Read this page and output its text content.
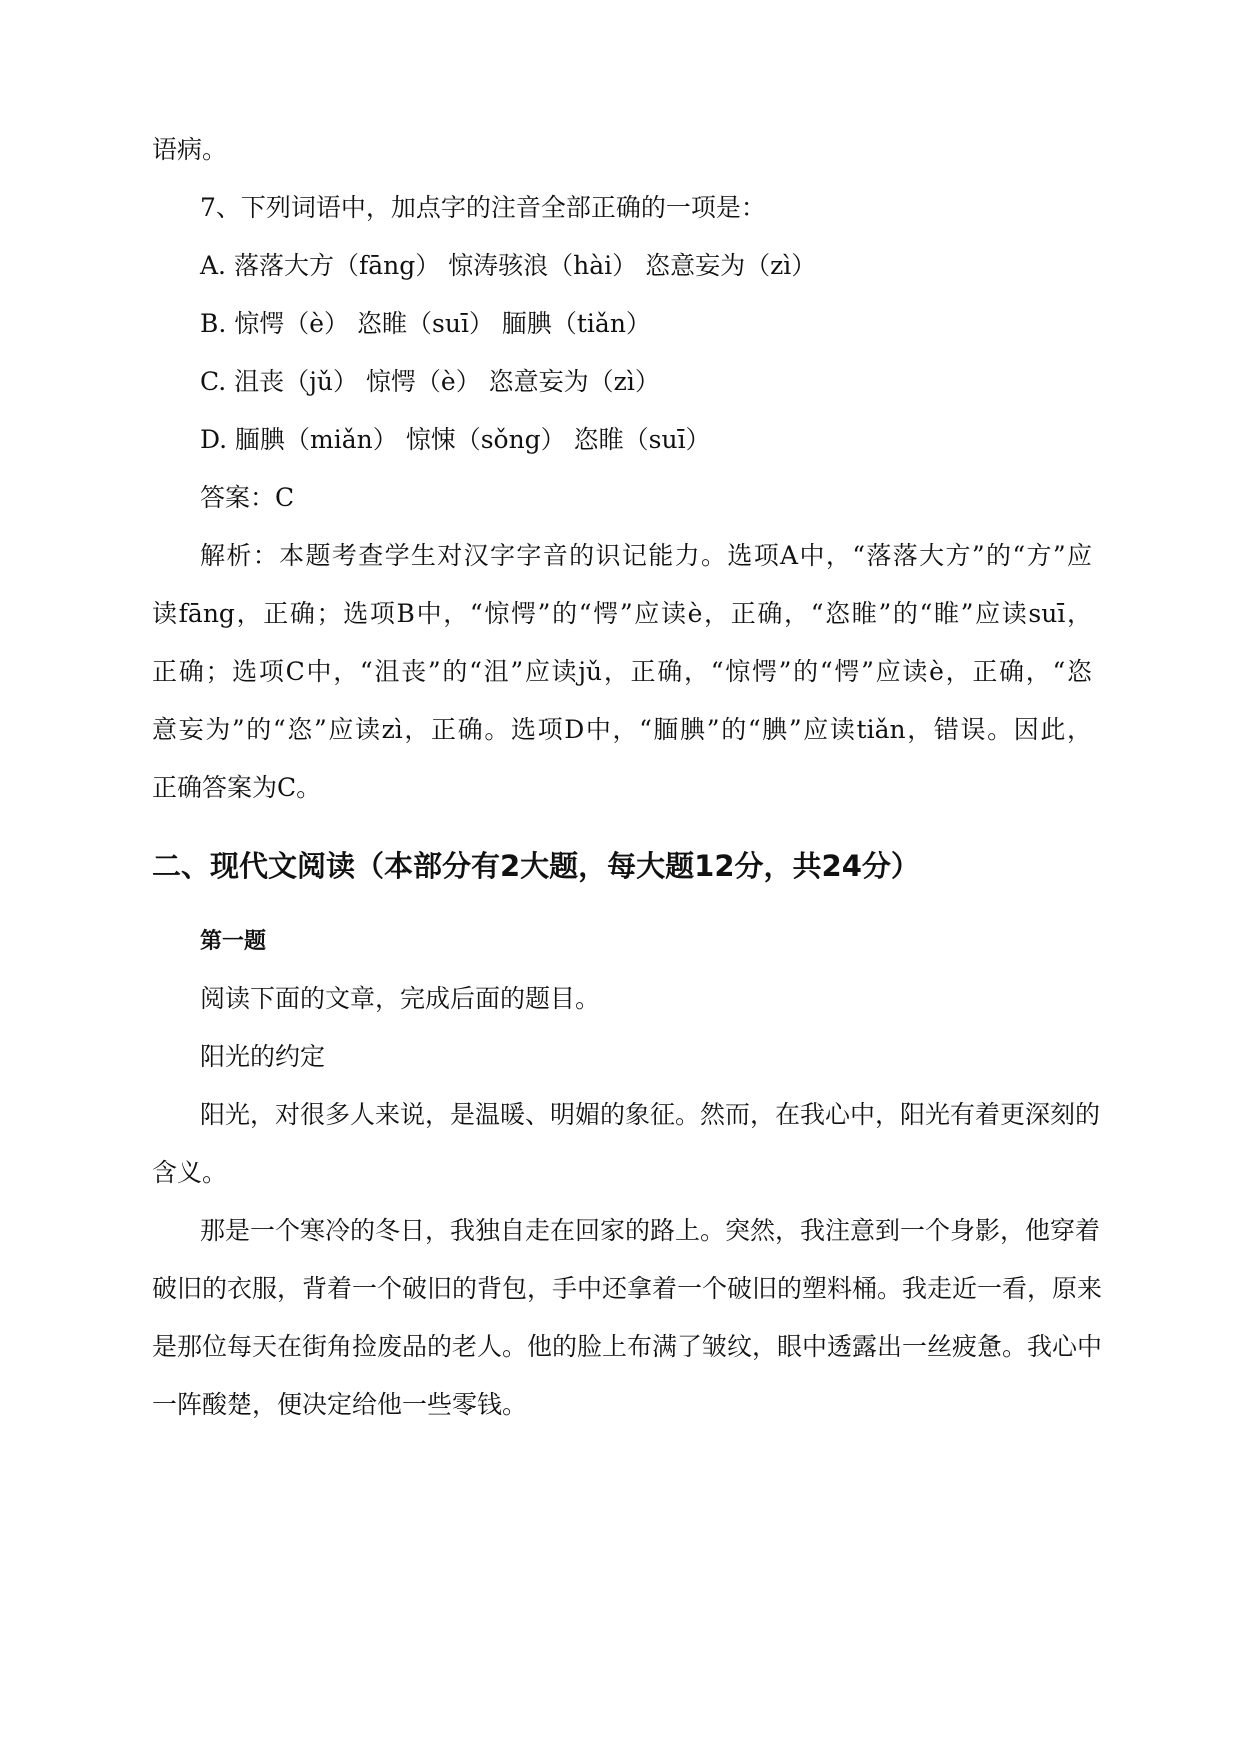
语病。
7、下列词语中，加点字的注音全部正确的一项是：
A. 落落大方（fāng） 惊涛骇浪（hài） 恣意妄为（zì）
B. 惊愕（è） 恣睢（suī） 腼腆（tiǎn）
C. 沮丧（jǔ） 惊愕（è） 恣意妄为（zì）
D. 腼腆（miǎn） 惊悚（sǒng） 恣睢（suī）
答案：C
解析：本题考查学生对汉字字音的识记能力。选项A中，“落落大方”的“方”应
读fāng，正确；选项B中，“惊愕”的“愕”应读è，正确，“恣睢”的“睢”应读suī，
正确；选项C中，“沮丧”的“沮”应读jǔ，正确，“惊愕”的“愕”应读è，正确，“恣
意妄为”的“恣”应读zì，正确。选项D中，“腼腆”的“腆”应读tiǎn，错误。因此，
正确答案为C。
二、现代文阅读（本部分有2大题，每大题12分，共24分）
第一题
阅读下面的文章，完成后面的题目。
阳光的约定
阳光，对很多人来说，是温暖、明媚的象征。然而，在我心中，阳光有着更深刻的
含义。
那是一个寒冷的冬日，我独自走在回家的路上。突然，我注意到一个身影，他穿着
破旧的衣服，背着一个破旧的背包，手中还拿着一个破旧的塑料桶。我走近一看，原来
是那位每天在街角捡废品的老人。他的脸上布满了皱纹，眼中透露出一丝疲惫。我心中
一阵酸楚，便决定给他一些零钱。
